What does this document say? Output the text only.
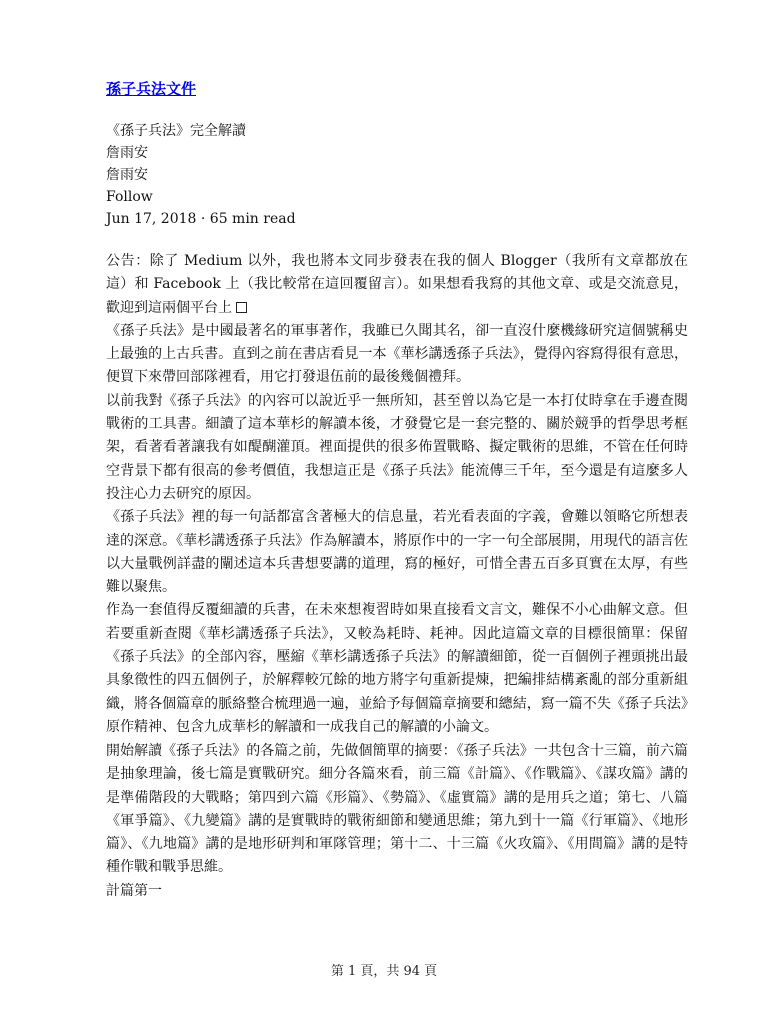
孫子兵法文件
《孫子兵法》完全解讀
詹雨安
詹雨安
Follow
Jun 17, 2018 · 65 min read

公告：除了 Medium 以外，我也將本文同步發表在我的個人 Blogger（我所有文章都放在這）和 Facebook 上（我比較常在這回覆留言）。如果想看我寫的其他文章、或是交流意見，歡迎到這兩個平台上

《孫子兵法》是中國最著名的軍事著作，我雖已久聞其名，卻一直沒什麼機緣研究這個號稱史上最強的上古兵書。直到之前在書店看見一本《華杉講透孫子兵法》，覺得內容寫得很有意思，便買下來帶回部隊裡看，用它打發退伍前的最後幾個禮拜。

以前我對《孫子兵法》的內容可以說近乎一無所知，甚至曾以為它是一本打仗時拿在手邊查閱戰術的工具書。細讀了這本華杉的解讀本後，才發覺它是一套完整的、關於競爭的哲學思考框架，看著看著讓我有如醍醐灌頂。裡面提供的很多佈置戰略、擬定戰術的思維，不管在任何時空背景下都有很高的參考價值，我想這正是《孫子兵法》能流傳三千年，至今還是有這麼多人投注心力去研究的原因。

《孫子兵法》裡的每一句話都富含著極大的信息量，若光看表面的字義，會難以領略它所想表達的深意。《華杉講透孫子兵法》作為解讀本，將原作中的一字一句全部展開，用現代的語言佐以大量戰例詳盡的闡述這本兵書想要講的道理，寫的極好，可惜全書五百多頁實在太厚，有些難以聚焦。

作為一套值得反覆細讀的兵書，在未來想複習時如果直接看文言文，難保不小心曲解文意。但若要重新查閱《華杉講透孫子兵法》，又較為耗時、耗神。因此這篇文章的目標很簡單：保留《孫子兵法》的全部內容，壓縮《華杉講透孫子兵法》的解讀細節，從一百個例子裡頭挑出最具象徵性的四五個例子，於解釋較冗餘的地方將字句重新提煉，把編排結構紊亂的部分重新組織，將各個篇章的脈絡整合梳理過一遍，並給予每個篇章摘要和總結，寫一篇不失《孫子兵法》原作精神、包含九成華杉的解讀和一成我自己的解讀的小論文。

開始解讀《孫子兵法》的各篇之前，先做個簡單的摘要：《孫子兵法》一共包含十三篇，前六篇是抽象理論，後七篇是實戰研究。細分各篇來看，前三篇《計篇》、《作戰篇》、《謀攻篇》講的是準備階段的大戰略；第四到六篇《形篇》、《勢篇》、《虛實篇》講的是用兵之道；第七、八篇《軍爭篇》、《九變篇》講的是實戰時的戰術細節和變通思維；第九到十一篇《行軍篇》、《地形篇》、《九地篇》講的是地形研判和軍隊管理；第十二、十三篇《火攻篇》、《用間篇》講的是特種作戰和戰爭思維。

計篇第一

第 1 頁，共 94 頁
